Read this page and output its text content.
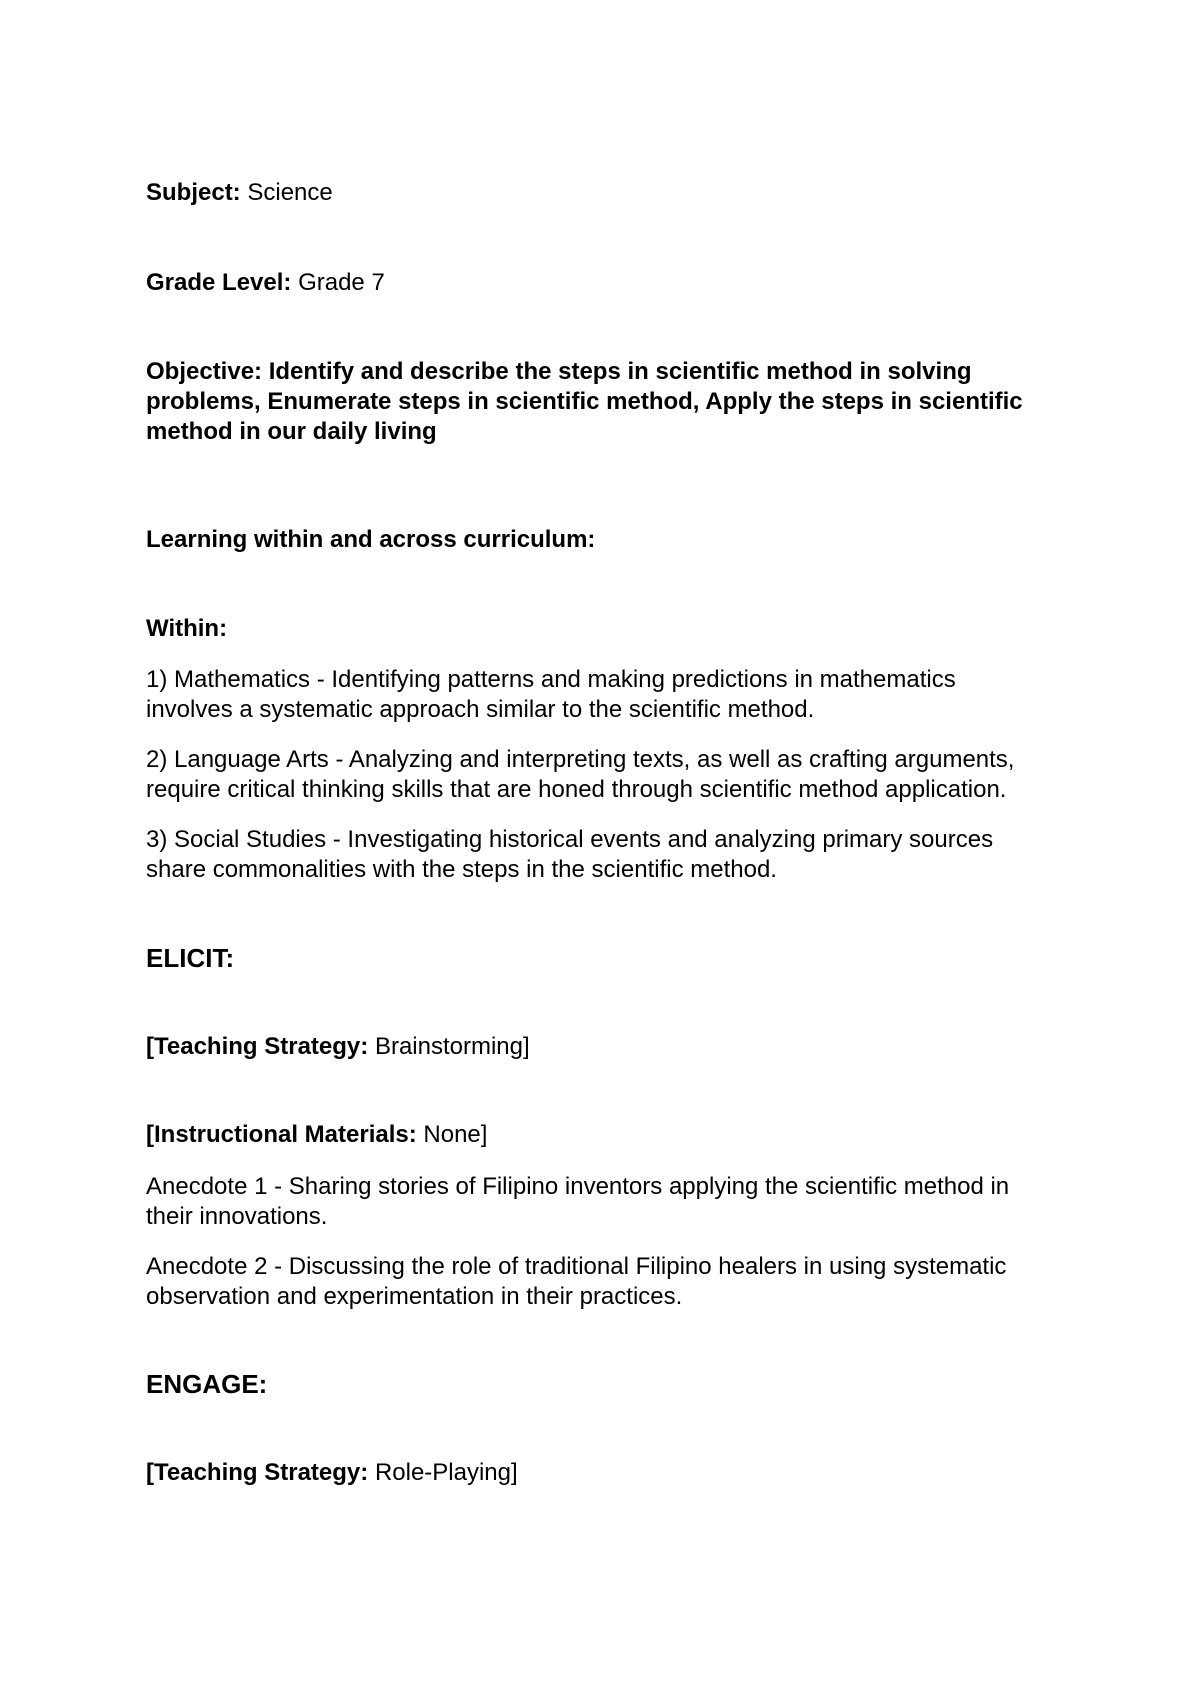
Subject: Science

Grade Level: Grade 7

Objective: Identify and describe the steps in scientific method in solving problems, Enumerate steps in scientific method, Apply the steps in scientific method in our daily living

Learning within and across curriculum:

Within:

1) Mathematics - Identifying patterns and making predictions in mathematics involves a systematic approach similar to the scientific method.

2) Language Arts - Analyzing and interpreting texts, as well as crafting arguments, require critical thinking skills that are honed through scientific method application.

3) Social Studies - Investigating historical events and analyzing primary sources share commonalities with the steps in the scientific method.

ELICIT:

[Teaching Strategy: Brainstorming]

[Instructional Materials: None]

Anecdote 1 - Sharing stories of Filipino inventors applying the scientific method in their innovations.

Anecdote 2 - Discussing the role of traditional Filipino healers in using systematic observation and experimentation in their practices.

ENGAGE:

[Teaching Strategy: Role-Playing]
